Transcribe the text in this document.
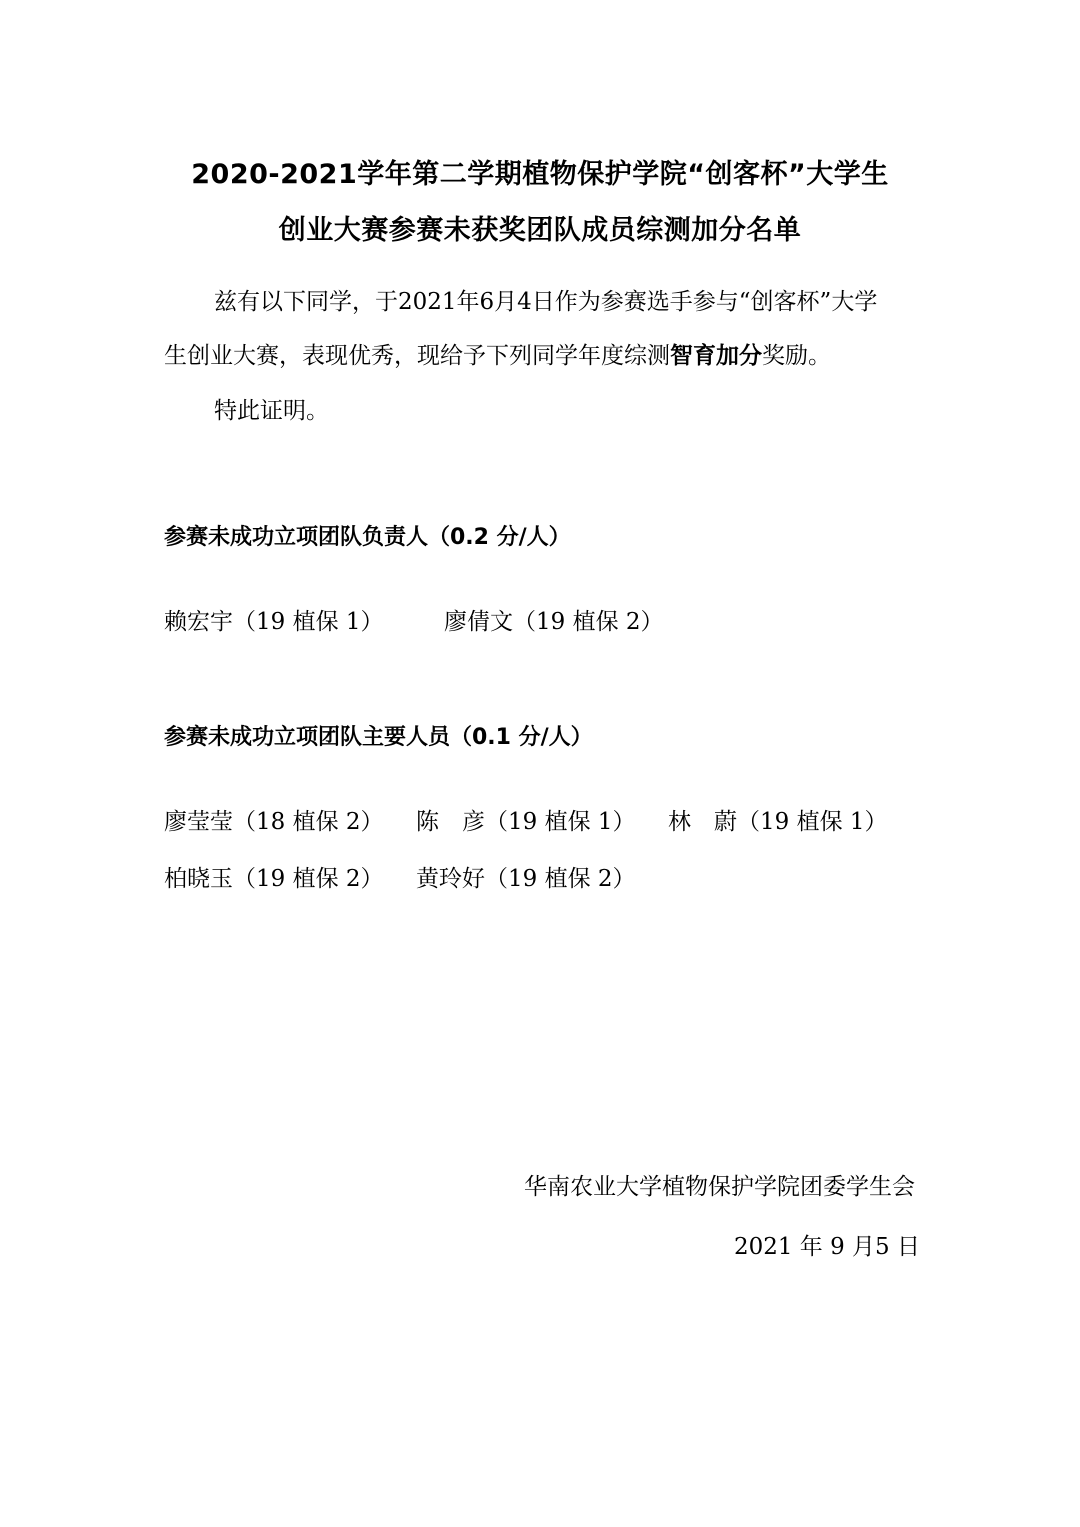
2020-2021学年第二学期植物保护学院“创客杯”大学生
创业大赛参赛未获奖团队成员综测加分名单
兹有以下同学，于2021年6月4日作为参赛选手参与“创客杯”大学
生创业大赛，表现优秀，现给予下列同学年度综测智育加分奖励。
特此证明。
参赛未成功立项团队负责人（0.2 分/人）
赖宏宇（19 植保 1）	廖倩文（19 植保 2）
参赛未成功立项团队主要人员（0.1 分/人）
廖莹莹（18 植保 2）	陈　彦（19 植保 1）	林　蔚（19 植保 1）
柏晓玉（19 植保 2）	黄玲好（19 植保 2）
华南农业大学植物保护学院团委学生会
2021 年 9 月5 日
